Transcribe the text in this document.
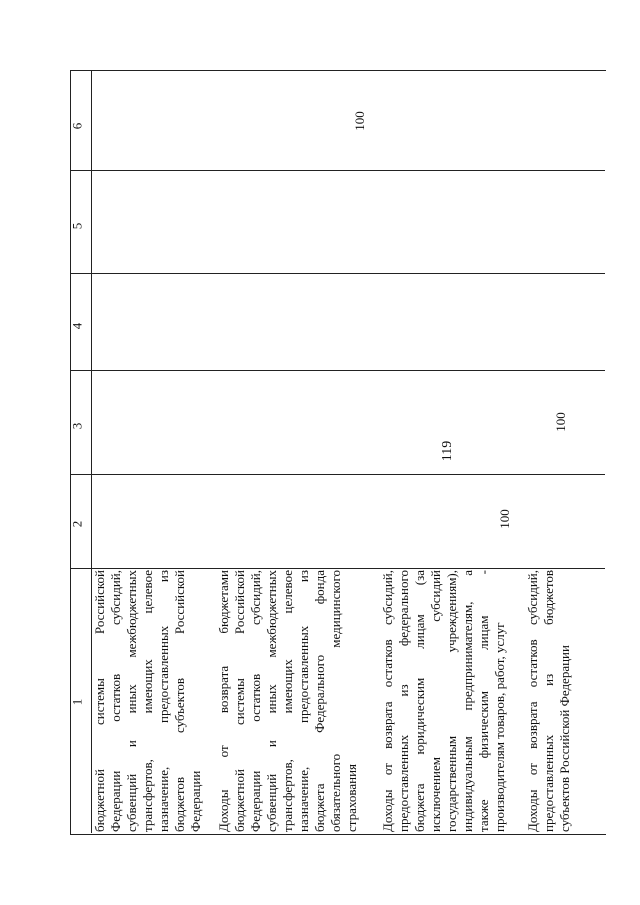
119
1
2
3
4
5
6
бюджетной системы Российской Федерации остатков субсидий, субвенций и иных межбюджетных трансфертов, имеющих целевое назначение, предоставленных из бюджетов субъектов Российской Федерации Доходы от возврата бюджетами бюджетной системы Российской Федерации остатков субсидий, субвенций и иных межбюджетных трансфертов, имеющих целевое назначение, предоставленных из бюджета Федерального фонда обязательного медицинского страхования
100
Доходы от возврата остатков субсидий, предоставленных из федерального бюджета юридическим лицам (за исключением субсидий государственным учреждениям), индивидуальным предпринимателям, а также физическим лицам - производителям товаров, работ, услуг
100
Доходы от возврата остатков субсидий, предоставленных из бюджетов субъектов Российской Федерации
100
